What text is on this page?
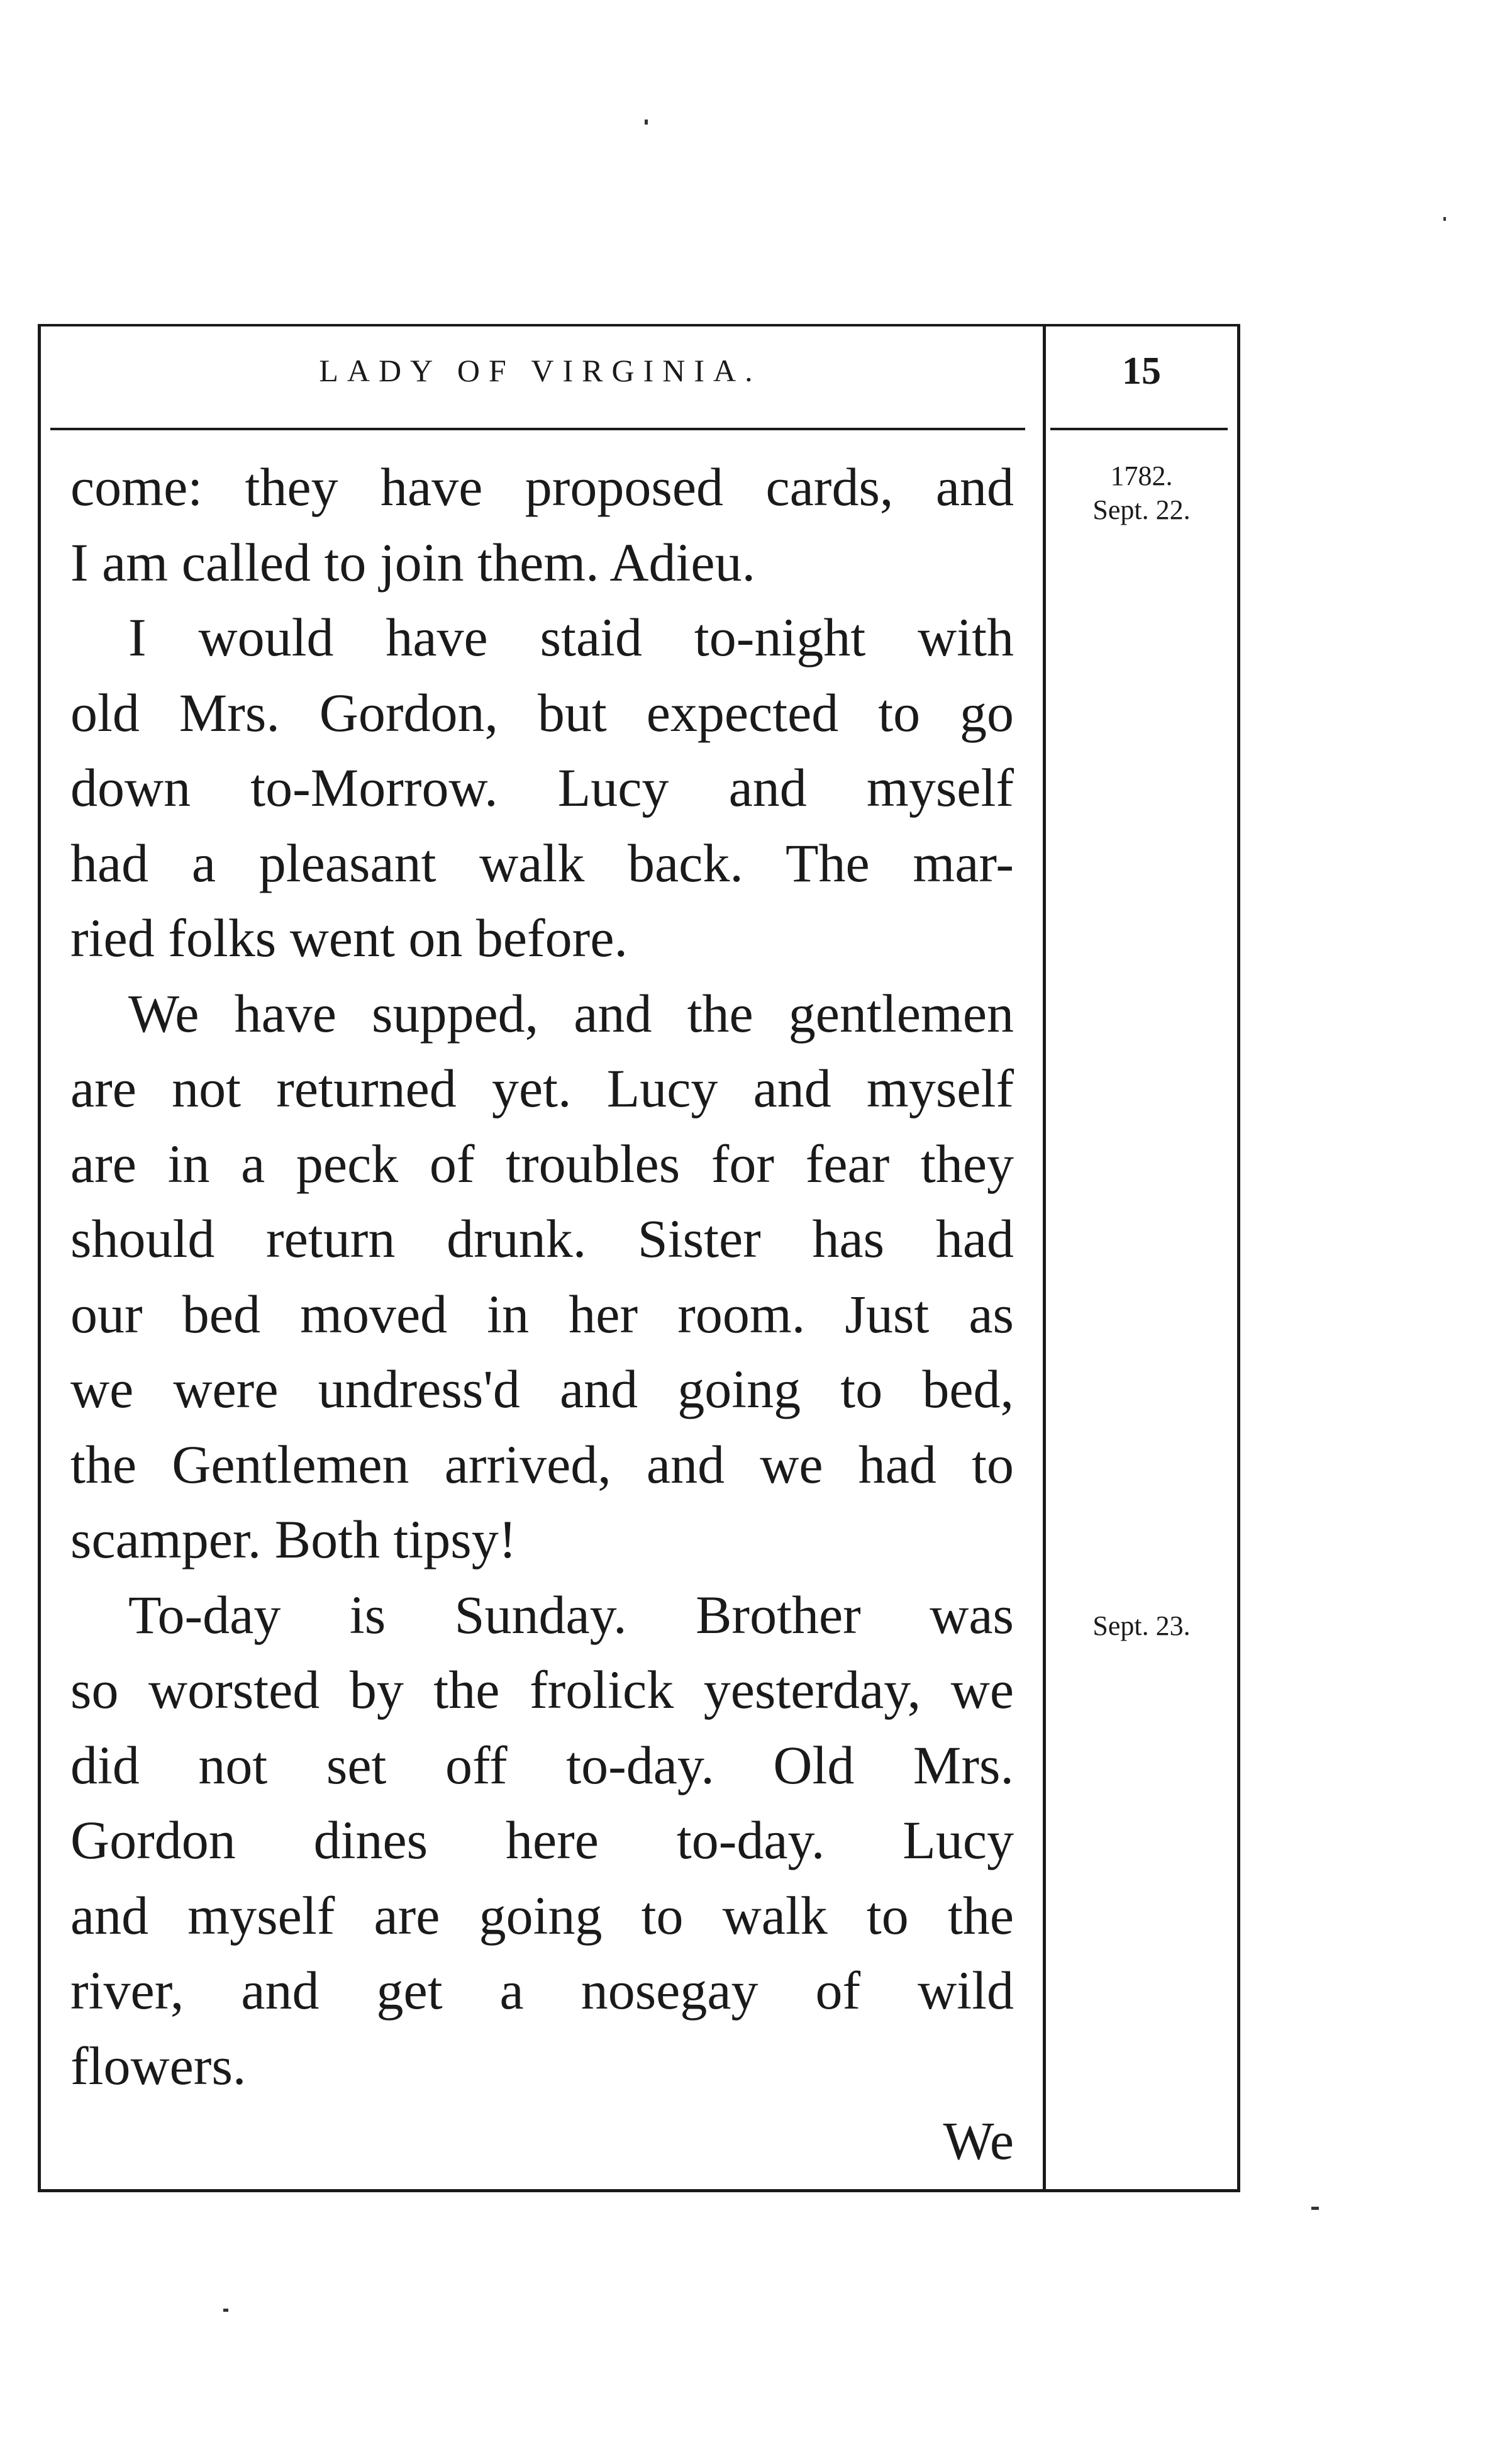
LADY OF VIRGINIA.	15
1782.
Sept. 22.
Sept. 23.
come: they have proposed cards, and
I am called to join them. Adieu.
I would have staid to-night with
old Mrs. Gordon, but expected to go
down to-Morrow. Lucy and myself
had a pleasant walk back. The mar-
ried folks went on before.
We have supped, and the gentlemen
are not returned yet. Lucy and myself
are in a peck of troubles for fear they
should return drunk. Sister has had
our bed moved in her room. Just as
we were undress'd and going to bed,
the Gentlemen arrived, and we had to
scamper. Both tipsy!
To-day is Sunday. Brother was
so worsted by the frolick yesterday, we
did not set off to-day. Old Mrs.
Gordon dines here to-day. Lucy
and myself are going to walk to the
river, and get a nosegay of wild
flowers.
We
